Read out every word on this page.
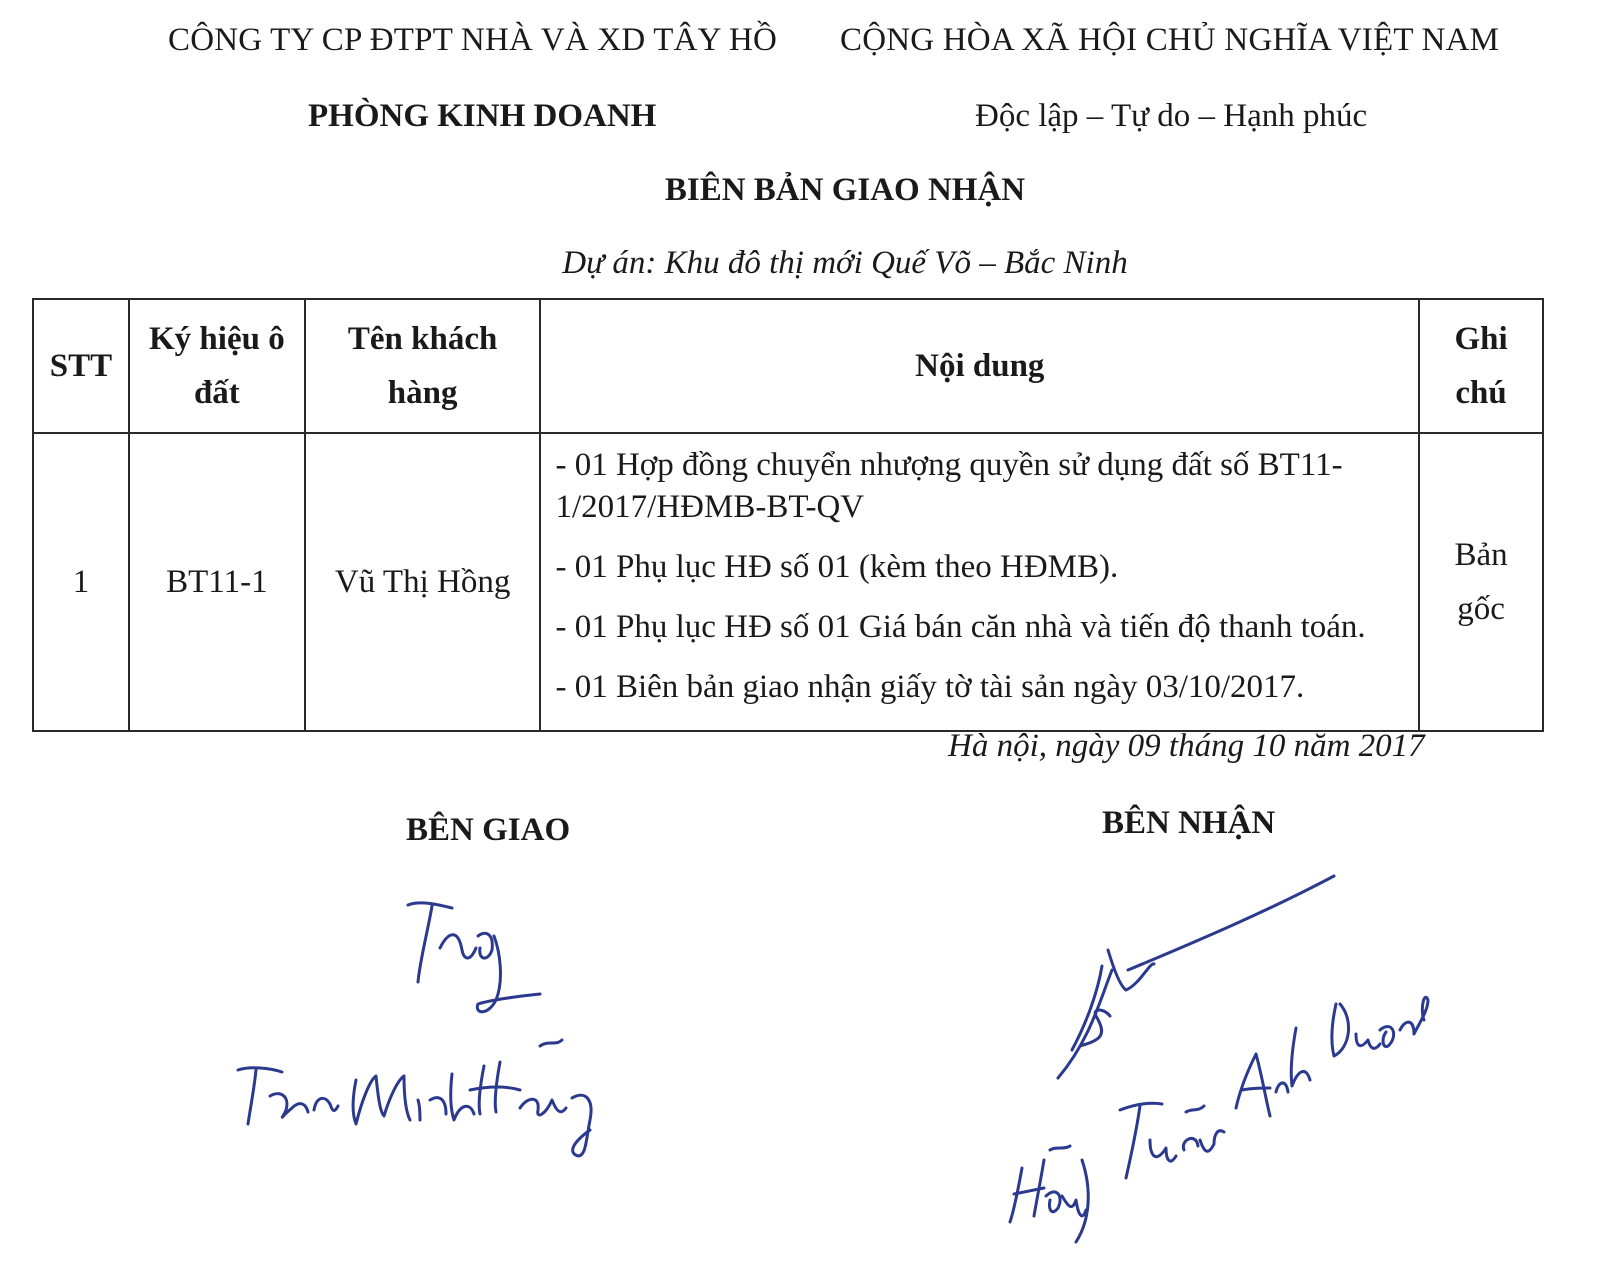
CÔNG TY CP ĐTPT NHÀ VÀ XD TÂY HỒ CỘNG HÒA XÃ HỘI CHỦ NGHĨA VIỆT NAM
PHÒNG KINH DOANH	Độc lập – Tự do – Hạnh phúc
BIÊN BẢN GIAO NHẬN
Dự án: Khu đô thị mới Quế Võ – Bắc Ninh
STT	Ký hiệu ô đất	Tên khách hàng	Nội dung	Ghi chú
1	BT11-1	Vũ Thị Hồng	- 01 Hợp đồng chuyển nhượng quyền sử dụng đất số BT11-1/2017/HĐMB-BT-QV
- 01 Phụ lục HĐ số 01 (kèm theo HĐMB).
- 01 Phụ lục HĐ số 01 Giá bán căn nhà và tiến độ thanh toán.
- 01 Biên bản giao nhận giấy tờ tài sản ngày 03/10/2017.	Bản gốc
Hà nội, ngày 09 tháng 10 năm 2017
BÊN GIAO	BÊN NHẬN
